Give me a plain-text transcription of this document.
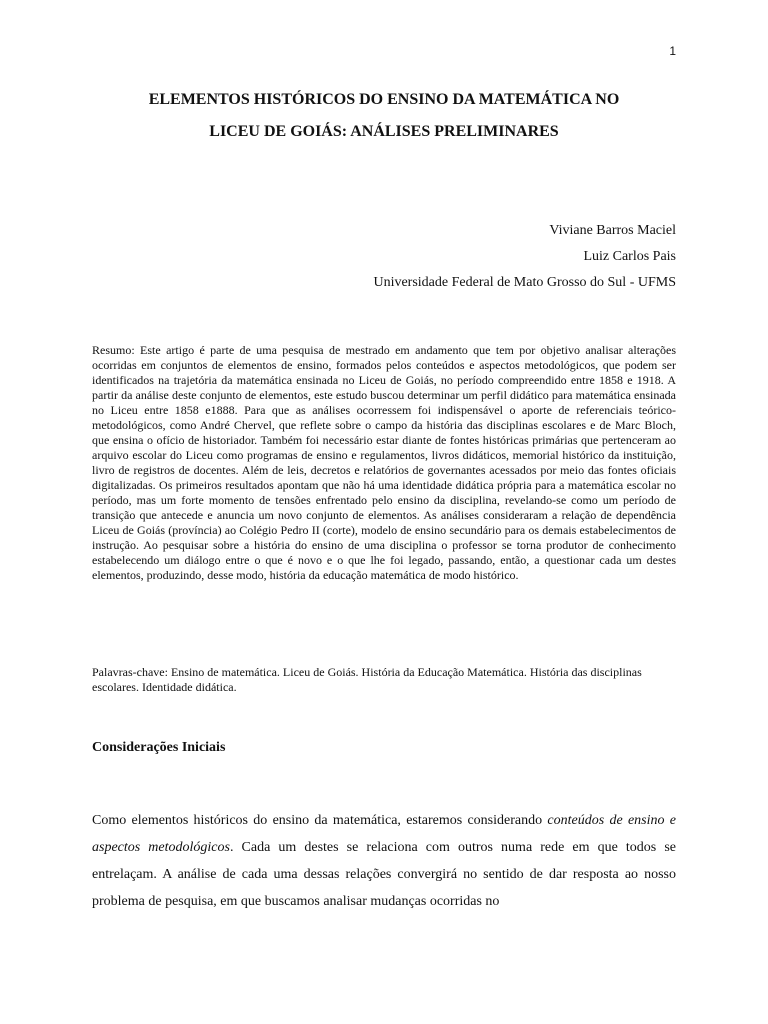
1
ELEMENTOS HISTÓRICOS DO ENSINO DA MATEMÁTICA NO
LICEU DE GOIÁS: ANÁLISES PRELIMINARES
Viviane Barros Maciel
Luiz Carlos Pais
Universidade Federal de Mato Grosso do Sul - UFMS

Resumo: Este artigo é parte de uma pesquisa de mestrado em andamento que tem por objetivo analisar alterações ocorridas em conjuntos de elementos de ensino, formados pelos conteúdos e aspectos metodológicos, que podem ser identificados na trajetória da matemática ensinada no Liceu de Goiás, no período compreendido entre 1858 e 1918. A partir da análise deste conjunto de elementos, este estudo buscou determinar um perfil didático para matemática ensinada no Liceu entre 1858 e1888. Para que as análises ocorressem foi indispensável o aporte de referenciais teórico-metodológicos, como André Chervel, que reflete sobre o campo da história das disciplinas escolares e de Marc Bloch, que ensina o ofício de historiador. Também foi necessário estar diante de fontes históricas primárias que pertenceram ao arquivo escolar do Liceu como programas de ensino e regulamentos, livros didáticos, memorial histórico da instituição, livro de registros de docentes. Além de leis, decretos e relatórios de governantes acessados por meio das fontes oficiais digitalizadas. Os primeiros resultados apontam que não há uma identidade didática própria para a matemática escolar no período, mas um forte momento de tensões enfrentado pelo ensino da disciplina, revelando-se como um período de transição que antecede e anuncia um novo conjunto de elementos. As análises consideraram a relação de dependência Liceu de Goiás (província) ao Colégio Pedro II (corte), modelo de ensino secundário para os demais estabelecimentos de instrução. Ao pesquisar sobre a história do ensino de uma disciplina o professor se torna produtor de conhecimento estabelecendo um diálogo entre o que é novo e o que lhe foi legado, passando, então, a questionar cada um destes elementos, produzindo, desse modo, história da educação matemática de modo histórico.

Palavras-chave: Ensino de matemática. Liceu de Goiás. História da Educação Matemática. História das disciplinas escolares. Identidade didática.

Considerações Iniciais

Como elementos históricos do ensino da matemática, estaremos considerando conteúdos de ensino e aspectos metodológicos. Cada um destes se relaciona com outros numa rede em que todos se entrelaçam. A análise de cada uma dessas relações convergirá no sentido de dar resposta ao nosso problema de pesquisa, em que buscamos analisar mudanças ocorridas no
